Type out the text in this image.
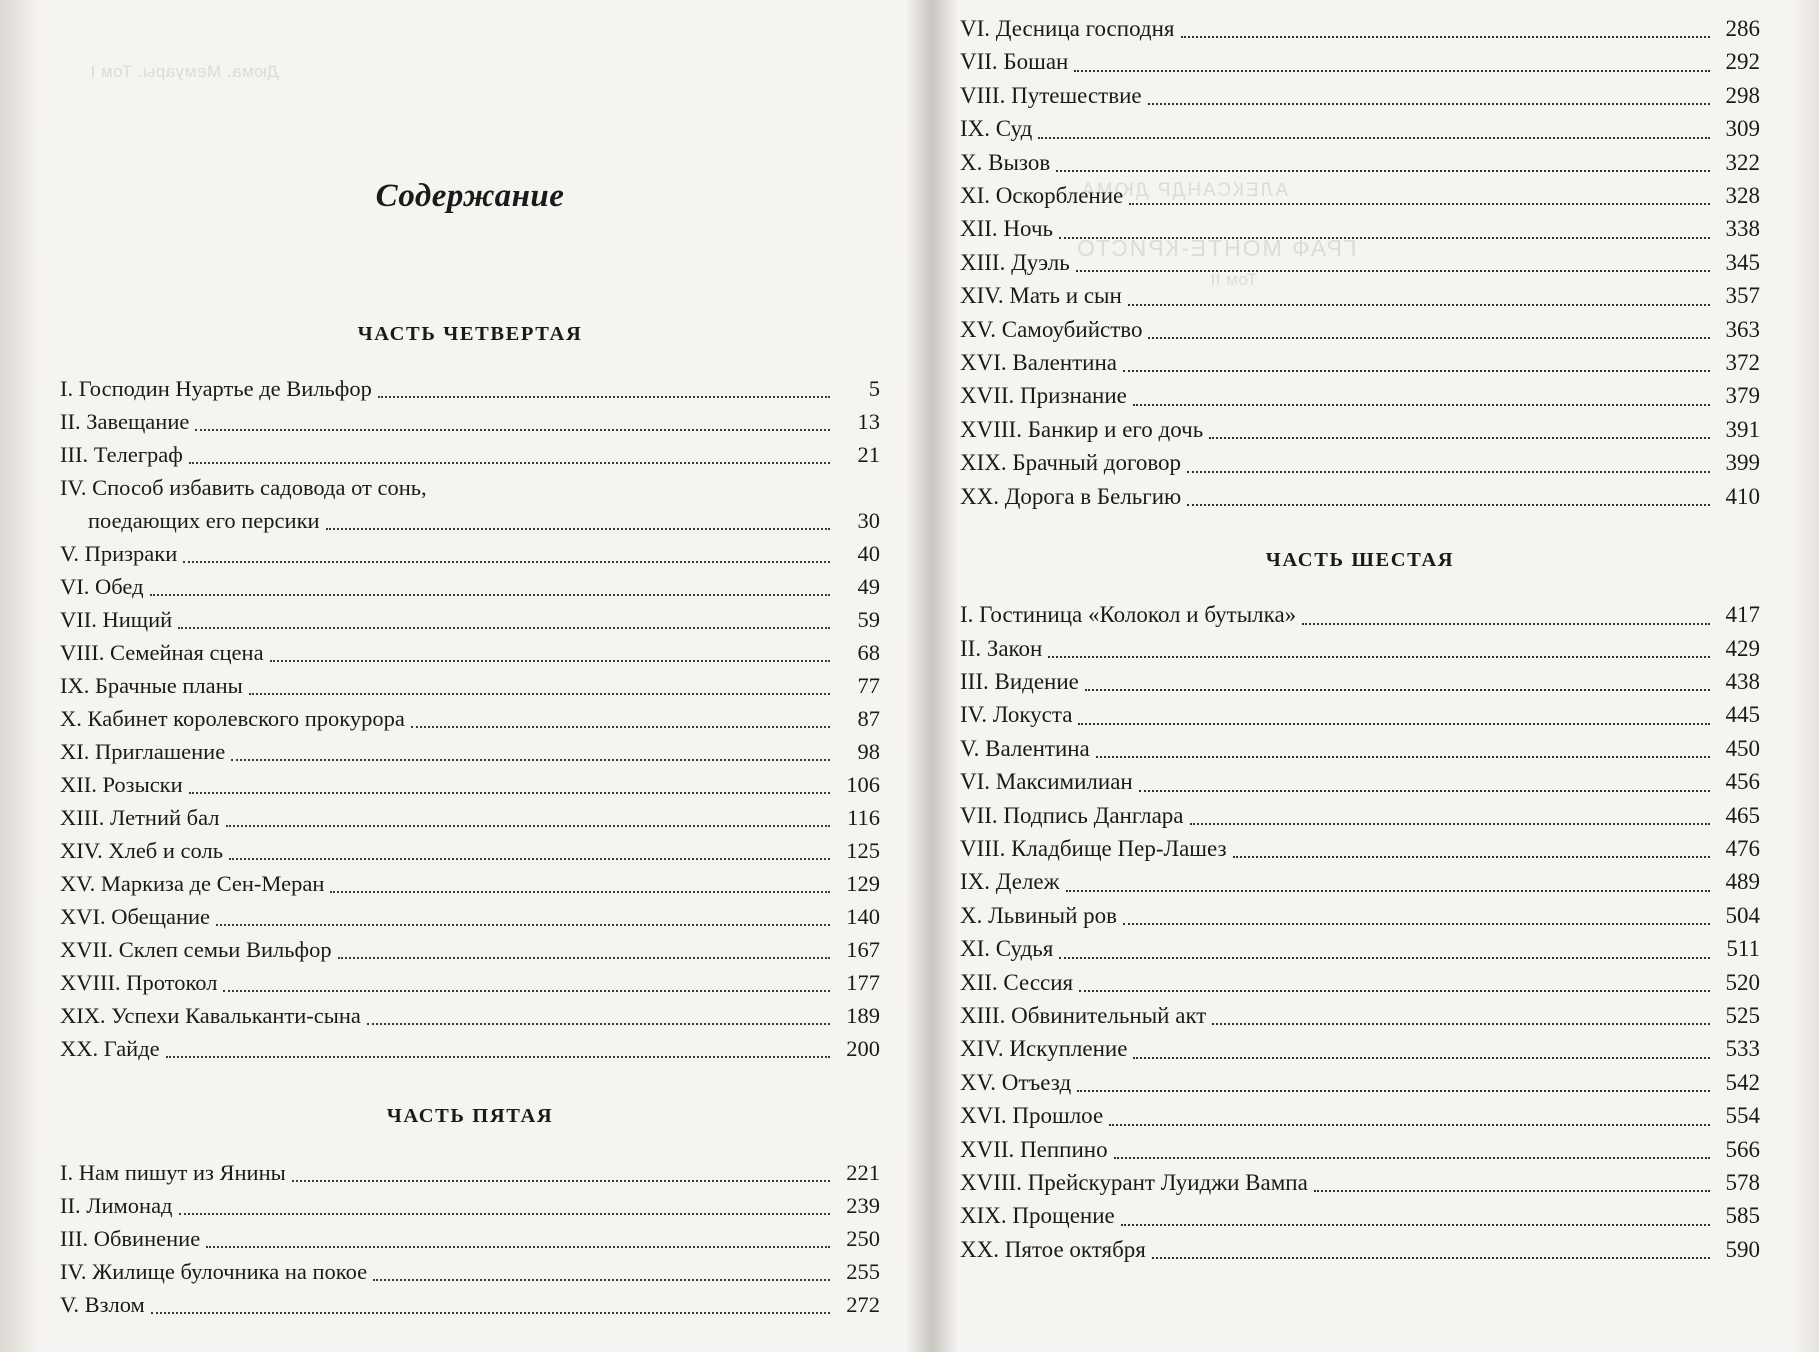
Дюма. Мемуары. Том I
АЛЕКСАНДР ДЮМА
ГРАФ МОНТЕ-КРИСТО
Том II
Содержание
ЧАСТЬ ЧЕТВЕРТАЯ
I. Господин Нуартье де Вильфор	5
II. Завещание	13
III. Телеграф	21
IV. Способ избавить садовода от сонь,
поедающих его персики	30
V. Призраки	40
VI. Обед	49
VII. Нищий	59
VIII. Семейная сцена	68
IX. Брачные планы	77
X. Кабинет королевского прокурора	87
XI. Приглашение	98
XII. Розыски	106
XIII. Летний бал	116
XIV. Хлеб и соль	125
XV. Маркиза де Сен-Меран	129
XVI. Обещание	140
XVII. Склеп семьи Вильфор	167
XVIII. Протокол	177
XIX. Успехи Кавальканти-сына	189
XX. Гайде	200
ЧАСТЬ ПЯТАЯ
I. Нам пишут из Янины	221
II. Лимонад	239
III. Обвинение	250
IV. Жилище булочника на покое	255
V. Взлом	272
VI. Десница господня	286
VII. Бошан	292
VIII. Путешествие	298
IX. Суд	309
X. Вызов	322
XI. Оскорбление	328
XII. Ночь	338
XIII. Дуэль	345
XIV. Мать и сын	357
XV. Самоубийство	363
XVI. Валентина	372
XVII. Признание	379
XVIII. Банкир и его дочь	391
XIX. Брачный договор	399
XX. Дорога в Бельгию	410
ЧАСТЬ ШЕСТАЯ
I. Гостиница «Колокол и бутылка»	417
II. Закон	429
III. Видение	438
IV. Локуста	445
V. Валентина	450
VI. Максимилиан	456
VII. Подпись Данглара	465
VIII. Кладбище Пер-Лашез	476
IX. Дележ	489
X. Львиный ров	504
XI. Судья	511
XII. Сессия	520
XIII. Обвинительный акт	525
XIV. Искупление	533
XV. Отъезд	542
XVI. Прошлое	554
XVII. Пеппино	566
XVIII. Прейскурант Луиджи Вампа	578
XIX. Прощение	585
XX. Пятое октября	590
